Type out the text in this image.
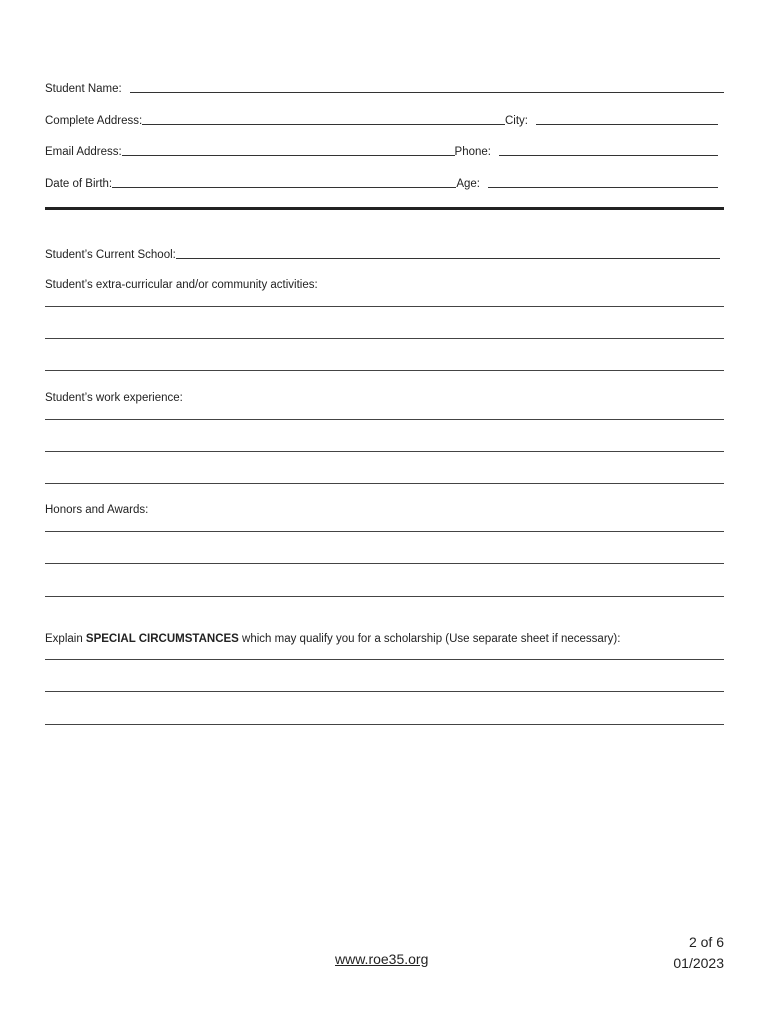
Student Name:
Complete Address:	City:
Email Address:	Phone:
Date of Birth:	Age:
Student’s Current School:
Student’s extra-curricular and/or community activities:
Student’s work experience:
Honors and Awards:
Explain SPECIAL CIRCUMSTANCES which may qualify you for a scholarship (Use separate sheet if necessary):
www.roe35.org
2 of 6
01/2023
